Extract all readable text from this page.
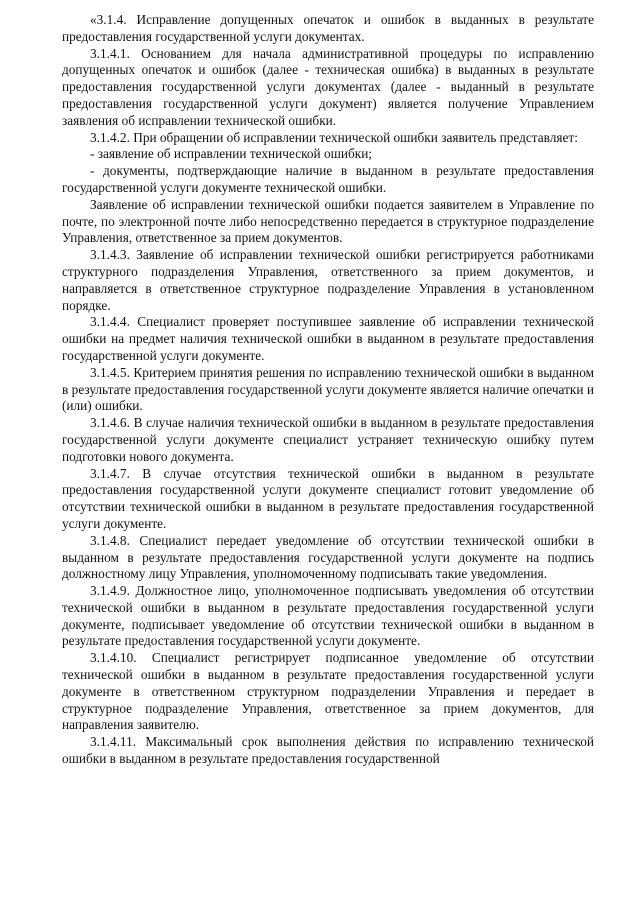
«3.1.4. Исправление допущенных опечаток и ошибок в выданных в результате предоставления государственной услуги документах.

3.1.4.1. Основанием для начала административной процедуры по исправлению допущенных опечаток и ошибок (далее - техническая ошибка) в выданных в результате предоставления государственной услуги документах (далее - выданный в результате предоставления государственной услуги документ) является получение Управлением заявления об исправлении технической ошибки.

3.1.4.2. При обращении об исправлении технической ошибки заявитель представляет:

- заявление об исправлении технической ошибки;

- документы, подтверждающие наличие в выданном в результате предоставления государственной услуги документе технической ошибки.

Заявление об исправлении технической ошибки подается заявителем в Управление по почте, по электронной почте либо непосредственно передается в структурное подразделение Управления, ответственное за прием документов.

3.1.4.3. Заявление об исправлении технической ошибки регистрируется работниками структурного подразделения Управления, ответственного за прием документов, и направляется в ответственное структурное подразделение Управления в установленном порядке.

3.1.4.4. Специалист проверяет поступившее заявление об исправлении технической ошибки на предмет наличия технической ошибки в выданном в результате предоставления государственной услуги документе.

3.1.4.5. Критерием принятия решения по исправлению технической ошибки в выданном в результате предоставления государственной услуги документе является наличие опечатки и (или) ошибки.

3.1.4.6. В случае наличия технической ошибки в выданном в результате предоставления государственной услуги документе специалист устраняет техническую ошибку путем подготовки нового документа.

3.1.4.7. В случае отсутствия технической ошибки в выданном в результате предоставления государственной услуги документе специалист готовит уведомление об отсутствии технической ошибки в выданном в результате предоставления государственной услуги документе.

3.1.4.8. Специалист передает уведомление об отсутствии технической ошибки в выданном в результате предоставления государственной услуги документе на подпись должностному лицу Управления, уполномоченному подписывать такие уведомления.

3.1.4.9. Должностное лицо, уполномоченное подписывать уведомления об отсутствии технической ошибки в выданном в результате предоставления государственной услуги документе, подписывает уведомление об отсутствии технической ошибки в выданном в результате предоставления государственной услуги документе.

3.1.4.10. Специалист регистрирует подписанное уведомление об отсутствии технической ошибки в выданном в результате предоставления государственной услуги документе в ответственном структурном подразделении Управления и передает в структурное подразделение Управления, ответственное за прием документов, для направления заявителю.

3.1.4.11. Максимальный срок выполнения действия по исправлению технической ошибки в выданном в результате предоставления государственной
